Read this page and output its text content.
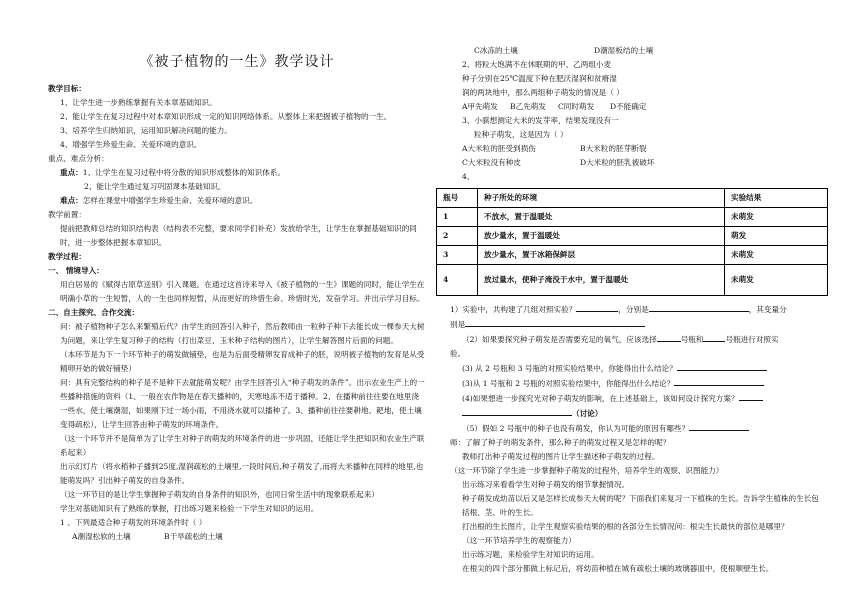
《被子植物的一生》教学设计

教学目标：

1、让学生进一步熟练掌握有关本章基础知识。

2、能让学生在复习过程中对本章知识形成一定的知识网络体系。从整体上来把握被子植物的一生。

3、培养学生归纳知识，运用知识解决问题的能力。

4、增强学生珍爱生命、关爱环境的意识。

重点、难点分析：

重点：1、让学生在复习过程中将分散的知识形成整体的知识体系。

2、能让学生通过复习巩固课本基础知识。

难点：怎样在课堂中增强学生珍爱生命、关爱环境的意识。

教学前置：

提前把教师总结的知识结构表（结构表不完整，要求同学们补充）发放给学生，让学生在掌握基础知识的同时，进一步整体把握本章知识。

教学过程：

一、 情境导入：

用白居易的《赋得古原草送别》引入课题。在通过这首诗来导入《被子植物的一生》课题的同时，能让学生在明确小草的一生短暂，人的一生也同样短暂，从而更好的珍惜生命、珍惜时光，发奋学习。并出示学习目标。

二、自主探究、合作交流：

问：被子植物种子怎么来繁殖后代？由学生的回答引入种子，然后教师由一粒种子种下去能长成一棵参天大树为问题，来让学生复习种子的结构（打出菜豆、玉米种子结构的图片），让学生解答图片后面的问题。

（本环节是为下一个环节种子的萌发做铺垫，也是为后面受精卵发育成种子的胚，说明被子植物的发育是从受精卵开始的做好铺垫）

问：具有完整结构的种子是不是种下去就能萌发呢？由学生回答引入“种子萌发的条件”。出示农业生产上的一些播种措施的资料（1、一般在农作物是在春天播种的，天寒地冻不适于播种。2、在播种前往往要在地里浇一些水，使土壤潮湿，如果刚下过一场小雨，不用浇水就可以播种了。3、播种前往往要耕地、耙地，使土壤变得疏松），让学生回答由种子萌发的环境条件。

（这一个环节并不是简单为了让学生对种子的萌发的环境条件的进一步巩固，还能让学生把知识和农业生产联系起来）

出示幻灯片（将水稻种子播到25度,湿润疏松的土壤里,一段时间后,种子萌发了,而将大米播种在同样的地里,也能萌发吗？引出种子萌发的自身条件。

（这一环节目的是让学生掌握种子萌发的自身条件的知识外，也同日常生活中的现象联系起来）

学生对基础知识有了熟练的掌握，打出练习题来检验一下学生对知识的运用。

1 、下列最适合种子萌发的环境条件时（ ）

A潮湿松软的土壤	B干旱疏松的土壤

C冰冻的土壤	D潮湿板结的土壤

2、将粒大饱满不在休眠期的甲、乙两组小麦

种子分别在25℃温度下种在肥沃湿润和贫瘠湿

润的两块地中，那么两组种子萌发的情况是（ ）

A甲先萌发 B乙先萌发 C同时萌发 D不能确定

3、小骐想测定大米的发芽率，结果发现没有一

粒种子萌发，这是因为（ ）

A大米粒的胚受到损伤	B大米粒的胚芽断裂

C大米粒没有种皮	D大米粒的胚乳被破坏

4、

瓶号	种子所处的环境	实验结果
1	不放水，置于温暖处	未萌发
2	放少量水，置于温暖处	萌发
3	放少量水，置于冰箱保鲜层	未萌发
4	放过量水，使种子淹没于水中，置于温暖处	未萌发

1）实验中，共构建了几组对照实验？	，分别是	，其变量分

别是

（2）如果要探究种子萌发是否需要充足的氧气，应该选择	号瓶和	号瓶进行对照实

验。

(3) 从 2 号瓶和 3 号瓶的对照实验结果中，你能得出什么结论？

(3)从 1 号瓶和 2 号瓶的对照实验结果中，你能得出什么结论？

(4)如果想进一步探究光对种子萌发的影响，在上述基础上，该如何设计探究方案？

（讨论）

（5）假如 2 号瓶中的种子也没有萌发，你认为可能的原因有哪些？

师：了解了种子的萌发条件，那么种子的萌发过程又是怎样的呢？

教师打出种子萌发过程的图片让学生描述种子萌发的过程。

（这一环节除了学生进一步掌握种子萌发的过程外，培养学生的观察、识图能力）

出示练习来看看学生对种子萌发的细节掌握情况。

种子萌发成幼苗以后又是怎样长成参天大树的呢？下面我们来复习一下植株的生长。告诉学生植株的生长包括根、茎、叶的生长。

打出根的生长图片，让学生观察实验结果的根的各部分生长情况问：根尖生长最快的部位是哪里？

（这一环节培养学生的观察能力）

出示练习题，来检验学生对知识的运用。

在根尖的四个部分都做上标记后，将幼苗种植在城有疏松土壤的玻璃器皿中，使根顺壁生长。
